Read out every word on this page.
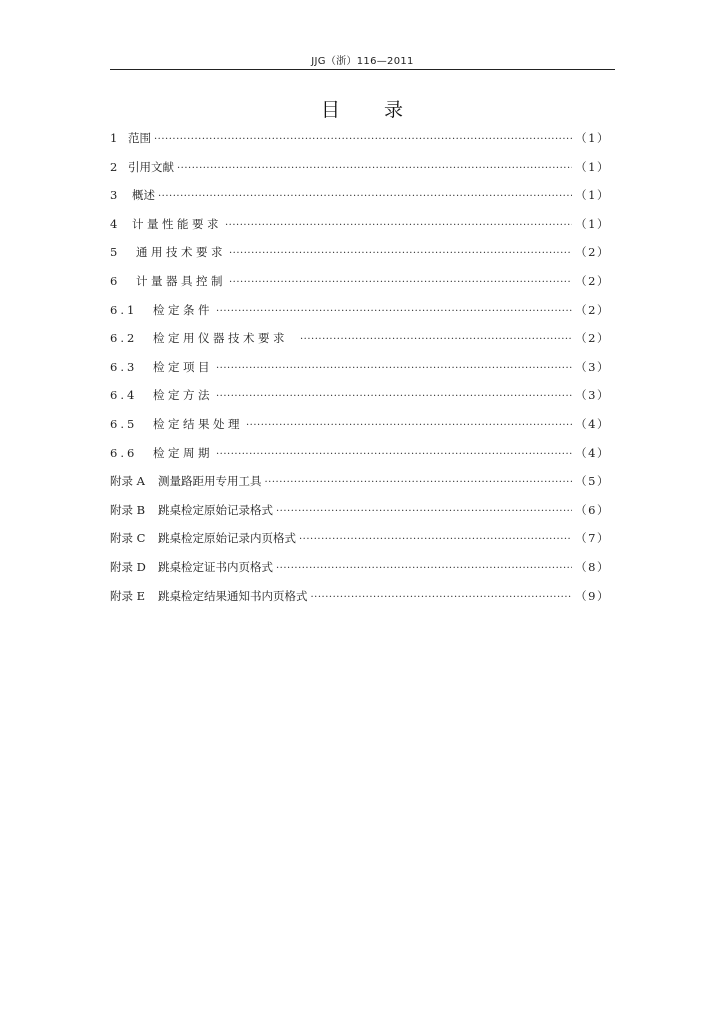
JJG（浙）116—2011
目 录
1 范围 ·····	（1）
2 引用文献 ·····	（1）
3	概述 ·····	（1）
4	计量性能要求 ·····	（1）
5	通用技术要求 ·····	（2）
6	计量器具控制 ·····	（2）
6.1	检定条件 ·····	（2）
6.2	检定用仪器技术要求 ·····	（2）
6.3	检定项目 ·····	（3）
6.4	检定方法 ·····	（3）
6.5	检定结果处理 ·····	（4）
6.6	检定周期 ·····	（4）
附录 A	测量路距用专用工具 ·····	（5）
附录 B	跳桌检定原始记录格式 ·····	（6）
附录 C	跳桌检定原始记录内页格式 ·····	（7）
附录 D	跳桌检定证书内页格式 ·····	（8）
附录 E	跳桌检定结果通知书内页格式 ·····	（9）
